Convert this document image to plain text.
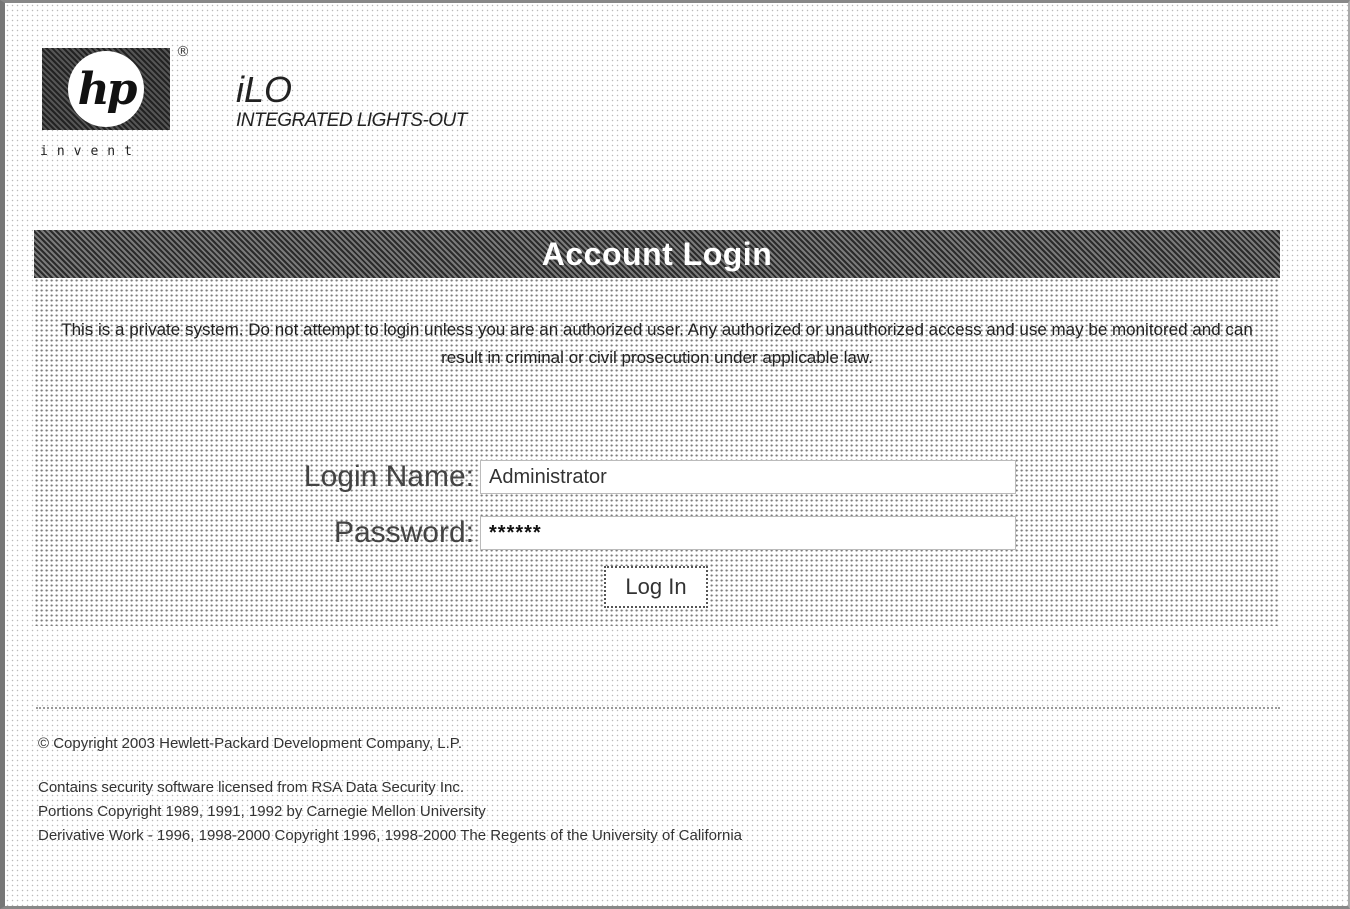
hp
®
invent
iLO
INTEGRATED LIGHTS-OUT
Account Login
This is a private system. Do not attempt to login unless you are an authorized user. Any authorized or unauthorized access and use may be monitored and can result in criminal or civil prosecution under applicable law.
Login Name:
Administrator
Password:
******
Log In
© Copyright 2003 Hewlett-Packard Development Company, L.P.
Contains security software licensed from RSA Data Security Inc.
Portions Copyright 1989, 1991, 1992 by Carnegie Mellon University
Derivative Work - 1996, 1998-2000 Copyright 1996, 1998-2000 The Regents of the University of California
